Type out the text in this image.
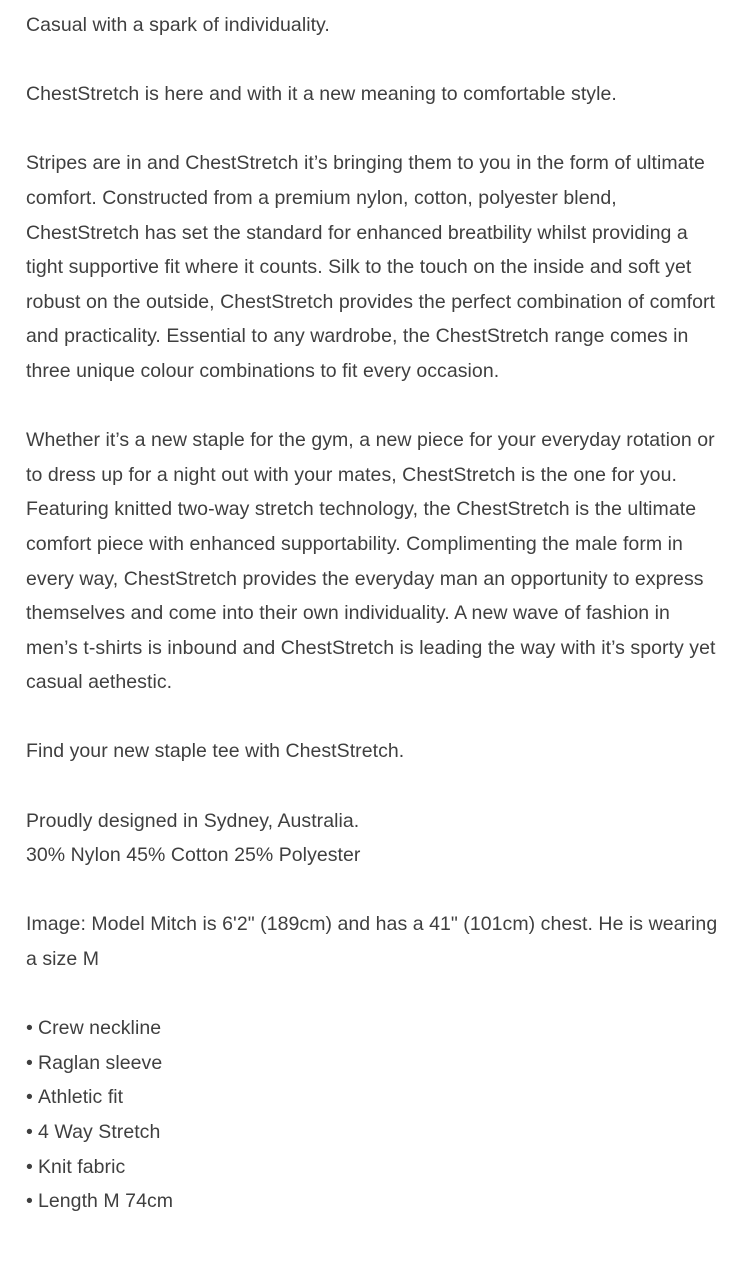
Casual with a spark of individuality.

ChestStretch is here and with it a new meaning to comfortable style.

Stripes are in and ChestStretch it’s bringing them to you in the form of ultimate comfort. Constructed from a premium nylon, cotton, polyester blend, ChestStretch has set the standard for enhanced breatbility whilst providing a tight supportive fit where it counts. Silk to the touch on the inside and soft yet robust on the outside, ChestStretch provides the perfect combination of comfort and practicality. Essential to any wardrobe, the ChestStretch range comes in three unique colour combinations to fit every occasion.

Whether it’s a new staple for the gym, a new piece for your everyday rotation or to dress up for a night out with your mates, ChestStretch is the one for you. Featuring knitted two-way stretch technology, the ChestStretch is the ultimate comfort piece with enhanced supportability. Complimenting the male form in every way, ChestStretch provides the everyday man an opportunity to express themselves and come into their own individuality. A new wave of fashion in men’s t-shirts is inbound and ChestStretch is leading the way with it’s sporty yet casual aethestic.

Find your new staple tee with ChestStretch.

Proudly designed in Sydney, Australia.

30% Nylon 45% Cotton 25% Polyester

Image: Model Mitch is 6'2" (189cm) and has a 41" (101cm) chest. He is wearing a size M

• Crew neckline
• Raglan sleeve
• Athletic fit
• 4 Way Stretch
• Knit fabric
• Length M 74cm
